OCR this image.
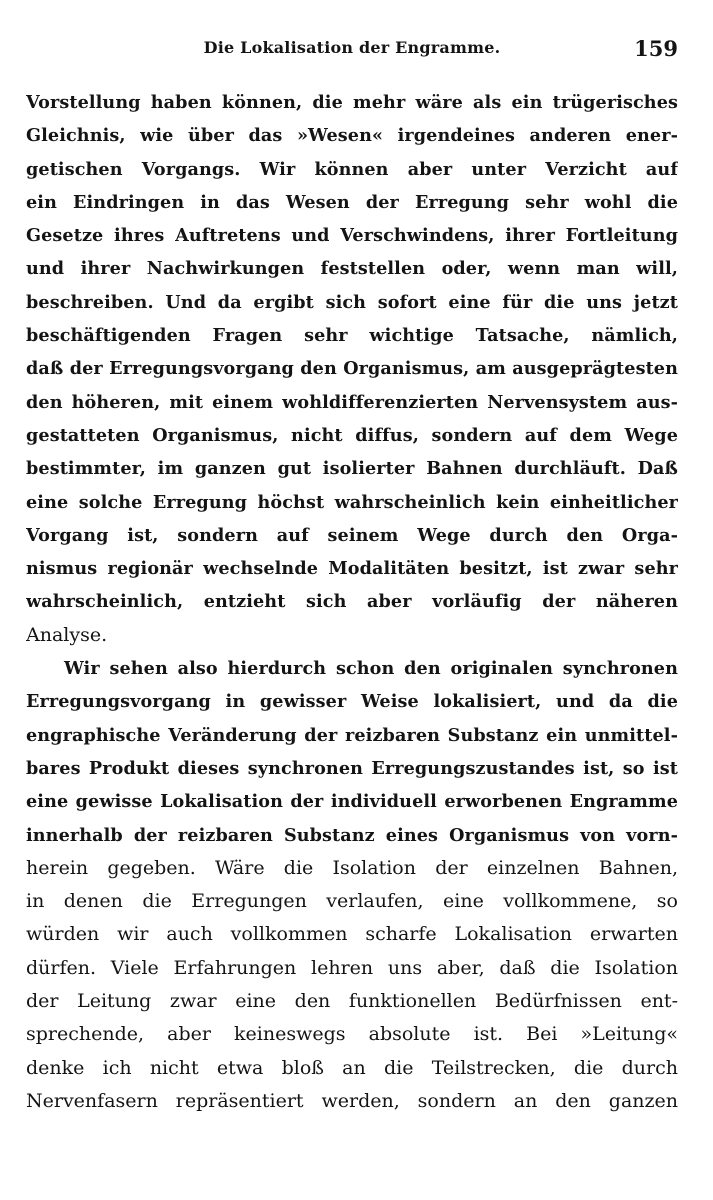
Die Lokalisation der Engramme.	159
Vorstellung haben können, die mehr wäre als ein trügerisches
Gleichnis, wie über das »Wesen« irgendeines anderen ener-
getischen Vorgangs. Wir können aber unter Verzicht auf
ein Eindringen in das Wesen der Erregung sehr wohl die
Gesetze ihres Auftretens und Verschwindens, ihrer Fortleitung
und ihrer Nachwirkungen feststellen oder, wenn man will,
beschreiben. Und da ergibt sich sofort eine für die uns jetzt
beschäftigenden Fragen sehr wichtige Tatsache, nämlich,
daß der Erregungsvorgang den Organismus, am ausgeprägtesten
den höheren, mit einem wohldifferenzierten Nervensystem aus-
gestatteten Organismus, nicht diffus, sondern auf dem Wege
bestimmter, im ganzen gut isolierter Bahnen durchläuft. Daß
eine solche Erregung höchst wahrscheinlich kein einheitlicher
Vorgang ist, sondern auf seinem Wege durch den Orga-
nismus regionär wechselnde Modalitäten besitzt, ist zwar sehr
wahrscheinlich, entzieht sich aber vorläufig der näheren
Analyse.
Wir sehen also hierdurch schon den originalen synchronen
Erregungsvorgang in gewisser Weise lokalisiert, und da die
engraphische Veränderung der reizbaren Substanz ein unmittel-
bares Produkt dieses synchronen Erregungszustandes ist, so ist
eine gewisse Lokalisation der individuell erworbenen Engramme
innerhalb der reizbaren Substanz eines Organismus von vorn-
herein gegeben. Wäre die Isolation der einzelnen Bahnen,
in denen die Erregungen verlaufen, eine vollkommene, so
würden wir auch vollkommen scharfe Lokalisation erwarten
dürfen. Viele Erfahrungen lehren uns aber, daß die Isolation
der Leitung zwar eine den funktionellen Bedürfnissen ent-
sprechende, aber keineswegs absolute ist. Bei »Leitung«
denke ich nicht etwa bloß an die Teilstrecken, die durch
Nervenfasern repräsentiert werden, sondern an den ganzen
